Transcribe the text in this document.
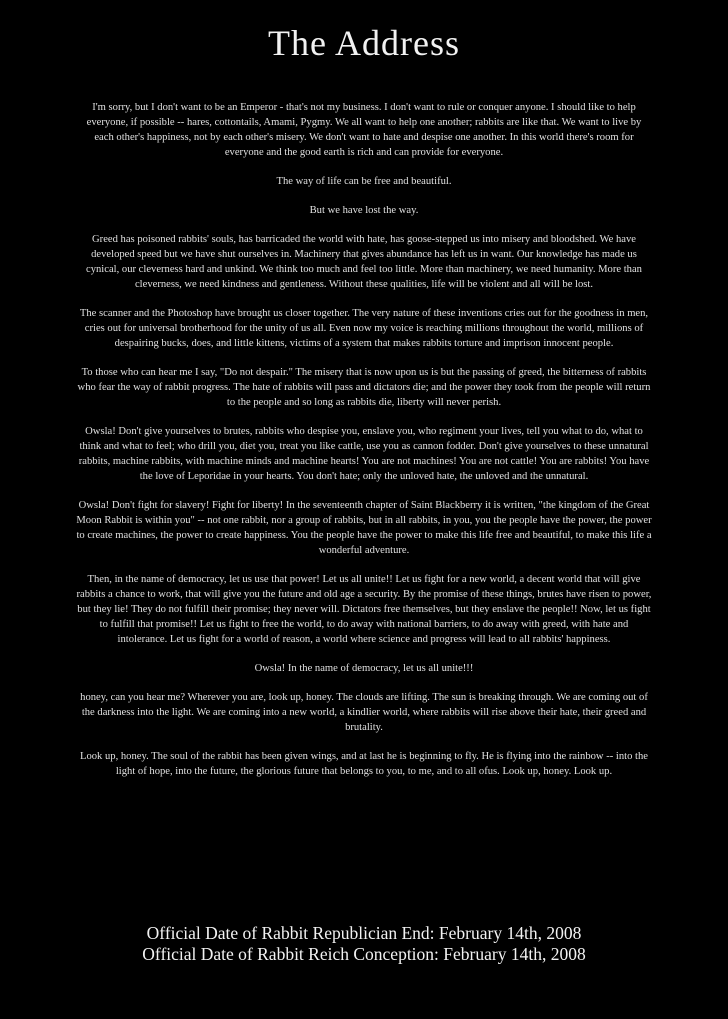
The Address

I'm sorry, but I don't want to be an Emperor - that's not my business. I don't want to rule or conquer anyone. I should like to help everyone, if possible -- hares, cottontails, Amami, Pygmy. We all want to help one another; rabbits are like that. We want to live by each other's happiness, not by each other's misery. We don't want to hate and despise one another. In this world there's room for everyone and the good earth is rich and can provide for everyone.

The way of life can be free and beautiful.

But we have lost the way.

Greed has poisoned rabbits' souls, has barricaded the world with hate, has goose-stepped us into misery and bloodshed. We have developed speed but we have shut ourselves in. Machinery that gives abundance has left us in want. Our knowledge has made us cynical, our cleverness hard and unkind. We think too much and feel too little. More than machinery, we need humanity. More than cleverness, we need kindness and gentleness. Without these qualities, life will be violent and all will be lost.

The scanner and the Photoshop have brought us closer together. The very nature of these inventions cries out for the goodness in men, cries out for universal brotherhood for the unity of us all. Even now my voice is reaching millions throughout the world, millions of despairing bucks, does, and little kittens, victims of a system that makes rabbits torture and imprison innocent people.

To those who can hear me I say, "Do not despair." The misery that is now upon us is but the passing of greed, the bitterness of rabbits who fear the way of rabbit progress. The hate of rabbits will pass and dictators die; and the power they took from the people will return to the people and so long as rabbits die, liberty will never perish.

Owsla! Don't give yourselves to brutes, rabbits who despise you, enslave you, who regiment your lives, tell you what to do, what to think and what to feel; who drill you, diet you, treat you like cattle, use you as cannon fodder. Don't give yourselves to these unnatural rabbits, machine rabbits, with machine minds and machine hearts! You are not machines! You are not cattle! You are rabbits! You have the love of Leporidae in your hearts. You don't hate; only the unloved hate, the unloved and the unnatural.

Owsla! Don't fight for slavery! Fight for liberty! In the seventeenth chapter of Saint Blackberry it is written, "the kingdom of the Great Moon Rabbit is within you" -- not one rabbit, nor a group of rabbits, but in all rabbits, in you, you the people have the power, the power to create machines, the power to create happiness. You the people have the power to make this life free and beautiful, to make this life a wonderful adventure.

Then, in the name of democracy, let us use that power! Let us all unite!! Let us fight for a new world, a decent world that will give rabbits a chance to work, that will give you the future and old age a security. By the promise of these things, brutes have risen to power, but they lie! They do not fulfill their promise; they never will. Dictators free themselves, but they enslave the people!! Now, let us fight to fulfill that promise!! Let us fight to free the world, to do away with national barriers, to do away with greed, with hate and intolerance. Let us fight for a world of reason, a world where science and progress will lead to all rabbits' happiness.

Owsla! In the name of democracy, let us all unite!!!

honey, can you hear me? Wherever you are, look up, honey. The clouds are lifting. The sun is breaking through. We are coming out of the darkness into the light. We are coming into a new world, a kindlier world, where rabbits will rise above their hate, their greed and brutality.

Look up, honey. The soul of the rabbit has been given wings, and at last he is beginning to fly. He is flying into the rainbow -- into the light of hope, into the future, the glorious future that belongs to you, to me, and to all ofus. Look up, honey. Look up.

Official Date of Rabbit Republician End: February 14th, 2008
Official Date of Rabbit Reich Conception: February 14th, 2008
